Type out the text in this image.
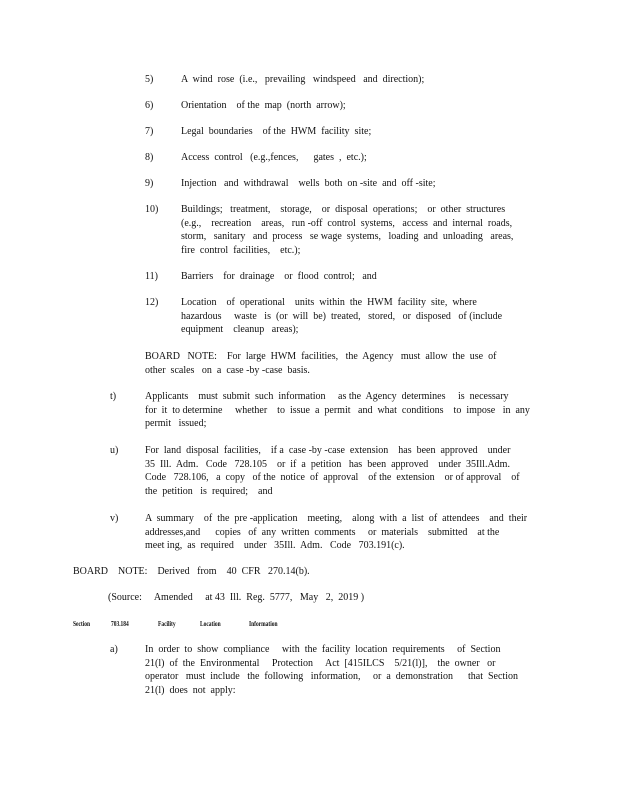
5)	A  wind  rose  (i.e.,   prevailing   windspeed   and  direction);

6)	Orientation    of the  map  (north  arrow);

7)	Legal  boundaries    of the  HWM  facility  site;

8)	Access  control   (e.g.,fences,      gates  ,  etc.);

9)	Injection   and  withdrawal    wells  both  on -site  and  off -site;

10) Buildings;   treatment,    storage,    or  disposal  operations;    or  other  structures

(e.g.,    recreation    areas,   run -off  control  systems,   access  and  internal  roads,

storm,   sanitary   and  process   se wage  systems,   loading  and  unloading   areas,

fire  control  facilities,    etc.);

11) Barriers    for  drainage    or  flood  control;   and

12) Location    of  operational    units  within  the  HWM  facility  site,  where

hazardous     waste   is  (or  will  be)  treated,   stored,   or  disposed   of (include

equipment    cleanup   areas);

BOARD   NOTE:    For  large  HWM  facilities,   the  Agency   must  allow  the  use  of

other  scales   on  a  case -by -case  basis.

t)	Applicants    must  submit  such  information     as the  Agency  determines     is  necessary

for  it  to determine     whether    to  issue  a  permit   and  what  conditions    to  impose   in  any

permit   issued;

u)	For  land  disposal  facilities,    if a  case -by -case  extension    has  been  approved    under

35  Ill.  Adm.   Code   728.105    or  if  a  petition   has  been  approved    under  35Ill.Adm.

Code   728.106,   a  copy   of the  notice  of  approval    of the  extension    or of approval    of

the  petition   is  required;    and

v)	A  summary    of  the  pre -application    meeting,    along  with  a  list  of  attendees    and  their

addresses,and      copies   of  any  written  comments     or  materials    submitted    at the

meet ing,  as  required    under   35Ill.  Adm.   Code   703.191(c).

BOARD    NOTE:    Derived   from    40  CFR   270.14(b).

(Source:     Amended     at 43  Ill.  Reg.  5777,   May   2,  2019 )

Section	703.184	Facility	Location	Information
a)	In  order  to  show  compliance     with  the  facility  location  requirements     of  Section

21(l)  of  the  Environmental     Protection     Act  [415ILCS    5/21(l)],    the  owner   or

operator   must  include   the  following   information,     or  a  demonstration      that  Section

21(l)  does  not  apply:
